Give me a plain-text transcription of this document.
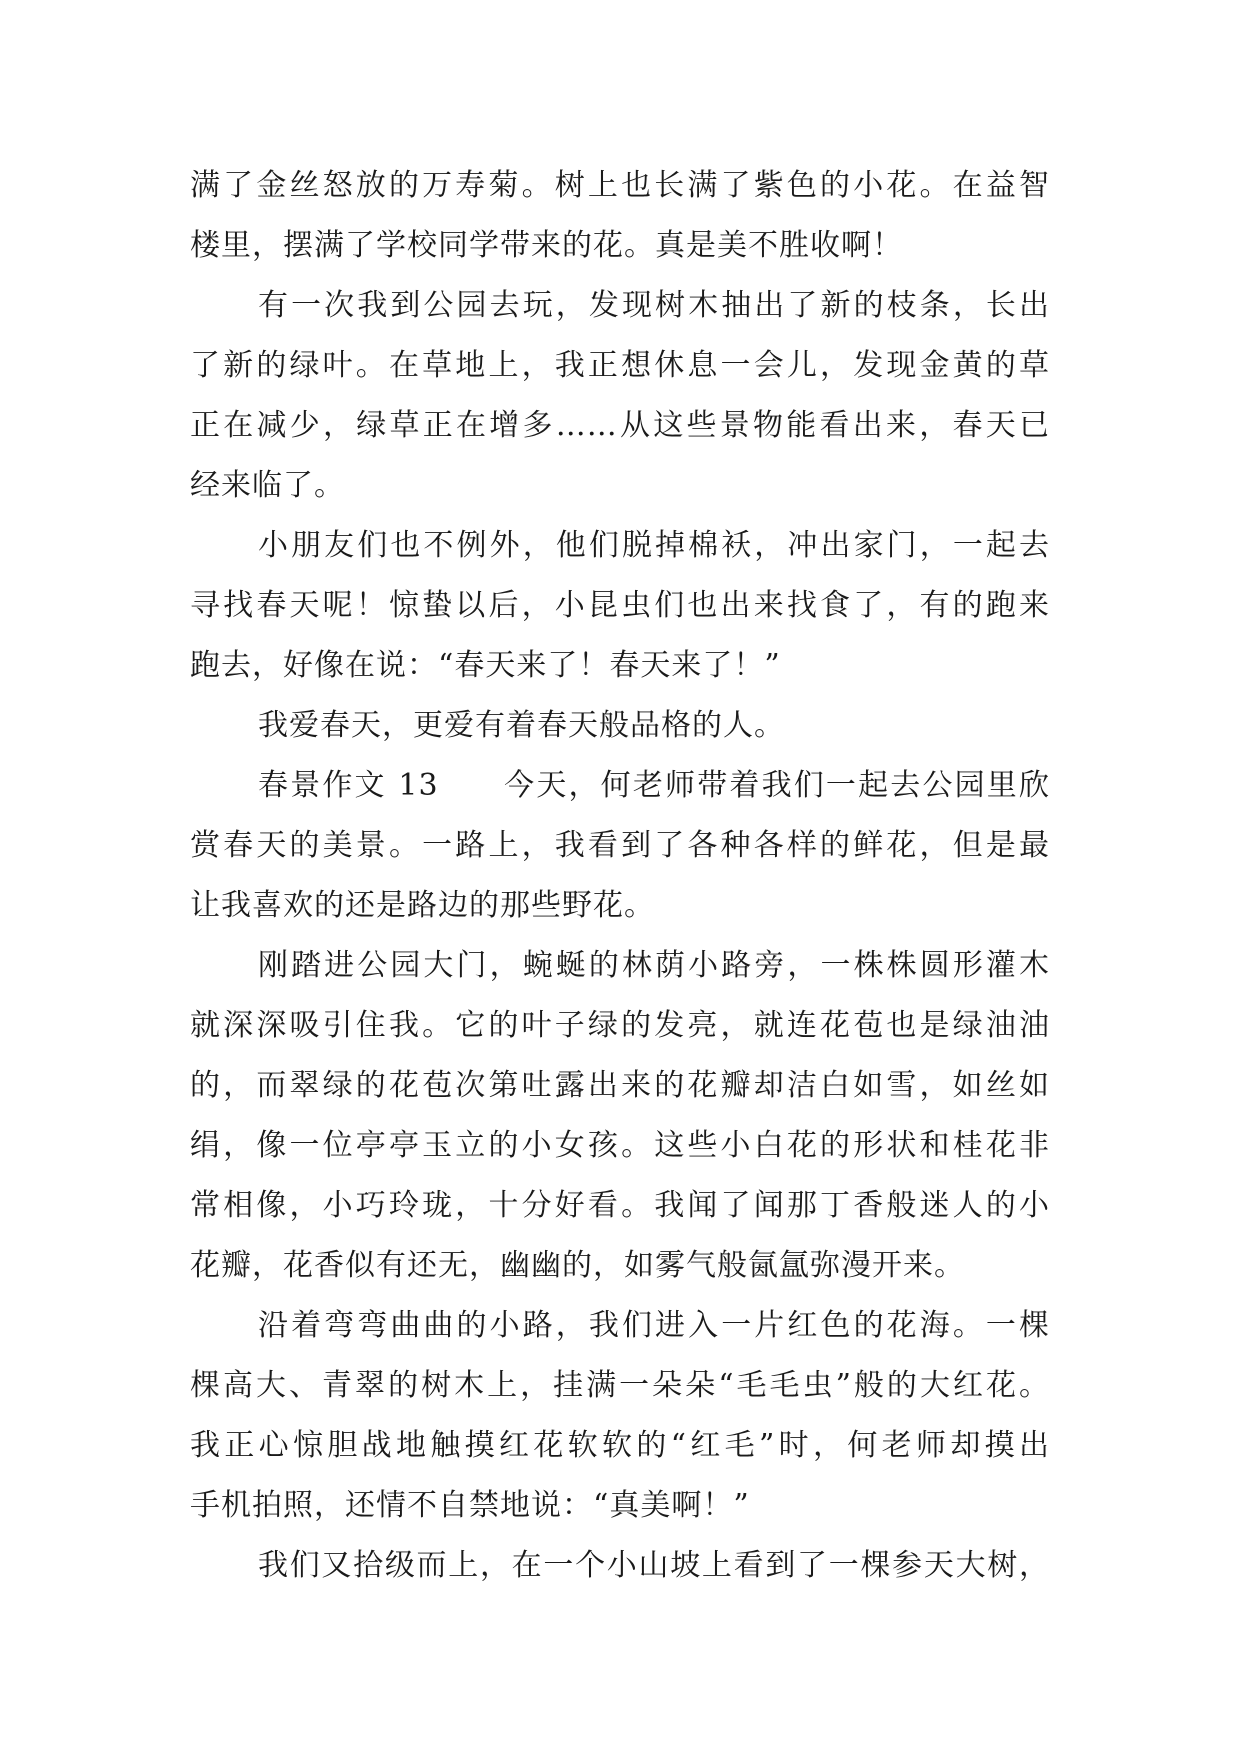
满了金丝怒放的万寿菊。树上也长满了紫色的小花。在益智
楼里，摆满了学校同学带来的花。真是美不胜收啊！
有一次我到公园去玩，发现树木抽出了新的枝条，长出
了新的绿叶。在草地上，我正想休息一会儿，发现金黄的草
正在减少，绿草正在增多……从这些景物能看出来，春天已
经来临了。
小朋友们也不例外，他们脱掉棉袄，冲出家门，一起去
寻找春天呢！惊蛰以后，小昆虫们也出来找食了，有的跑来
跑去，好像在说：“春天来了！春天来了！”
我爱春天，更爱有着春天般品格的人。
春景作文 13　　今天，何老师带着我们一起去公园里欣
赏春天的美景。一路上，我看到了各种各样的鲜花，但是最
让我喜欢的还是路边的那些野花。
刚踏进公园大门，蜿蜒的林荫小路旁，一株株圆形灌木
就深深吸引住我。它的叶子绿的发亮，就连花苞也是绿油油
的，而翠绿的花苞次第吐露出来的花瓣却洁白如雪，如丝如
绢，像一位亭亭玉立的小女孩。这些小白花的形状和桂花非
常相像，小巧玲珑，十分好看。我闻了闻那丁香般迷人的小
花瓣，花香似有还无，幽幽的，如雾气般氤氲弥漫开来。
沿着弯弯曲曲的小路，我们进入一片红色的花海。一棵
棵高大、青翠的树木上，挂满一朵朵“毛毛虫”般的大红花。
我正心惊胆战地触摸红花软软的“红毛”时，何老师却摸出
手机拍照，还情不自禁地说：“真美啊！”
我们又拾级而上，在一个小山坡上看到了一棵参天大树，
